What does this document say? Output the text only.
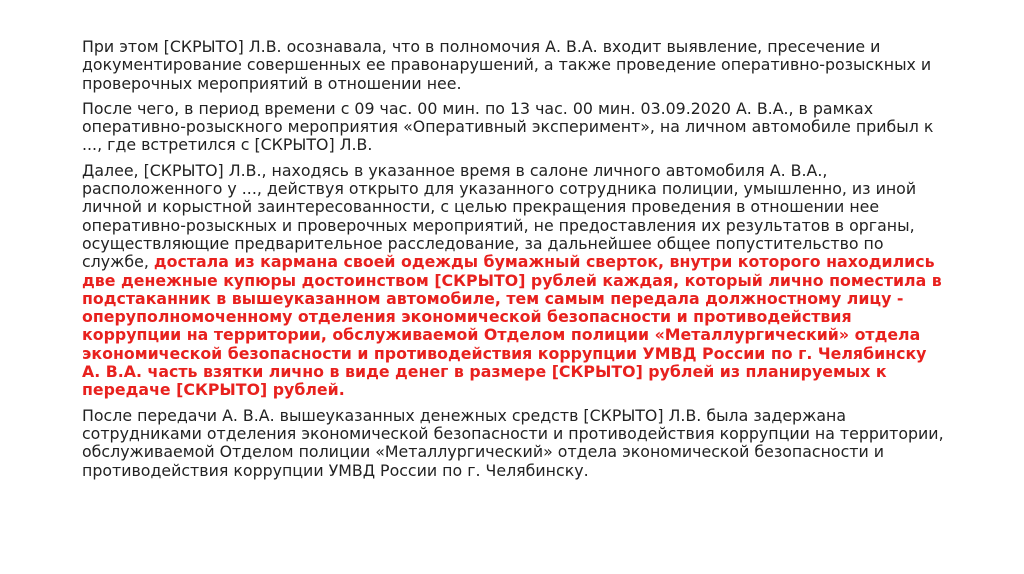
При этом [СКРЫТО] Л.В. осознавала, что в полномочия А. В.А. входит выявление, пресечение и документирование совершенных ее правонарушений, а также проведение оперативно-розыскных и проверочных мероприятий в отношении нее.

После чего, в период времени с 09 час. 00 мин. по 13 час. 00 мин. 03.09.2020 А. В.А., в рамках оперативно-розыскного мероприятия «Оперативный эксперимент», на личном автомобиле прибыл к ..., где встретился с [СКРЫТО] Л.В.

Далее, [СКРЫТО] Л.В., находясь в указанное время в салоне личного автомобиля А. В.А., расположенного у ..., действуя открыто для указанного сотрудника полиции, умышленно, из иной личной и корыстной заинтересованности, с целью прекращения проведения в отношении нее оперативно-розыскных и проверочных мероприятий, не предоставления их результатов в органы, осуществляющие предварительное расследование, за дальнейшее общее попустительство по службе, достала из кармана своей одежды бумажный сверток, внутри которого находились две денежные купюры достоинством [СКРЫТО] рублей каждая, который лично поместила в подстаканник в вышеуказанном автомобиле, тем самым передала должностному лицу - оперуполномоченному отделения экономической безопасности и противодействия коррупции на территории, обслуживаемой Отделом полиции «Металлургический» отдела экономической безопасности и противодействия коррупции УМВД России по г. Челябинску А. В.А. часть взятки лично в виде денег в размере [СКРЫТО] рублей из планируемых к передаче [СКРЫТО] рублей.

После передачи А. В.А. вышеуказанных денежных средств [СКРЫТО] Л.В. была задержана сотрудниками отделения экономической безопасности и противодействия коррупции на территории, обслуживаемой Отделом полиции «Металлургический» отдела экономической безопасности и противодействия коррупции УМВД России по г. Челябинску.
